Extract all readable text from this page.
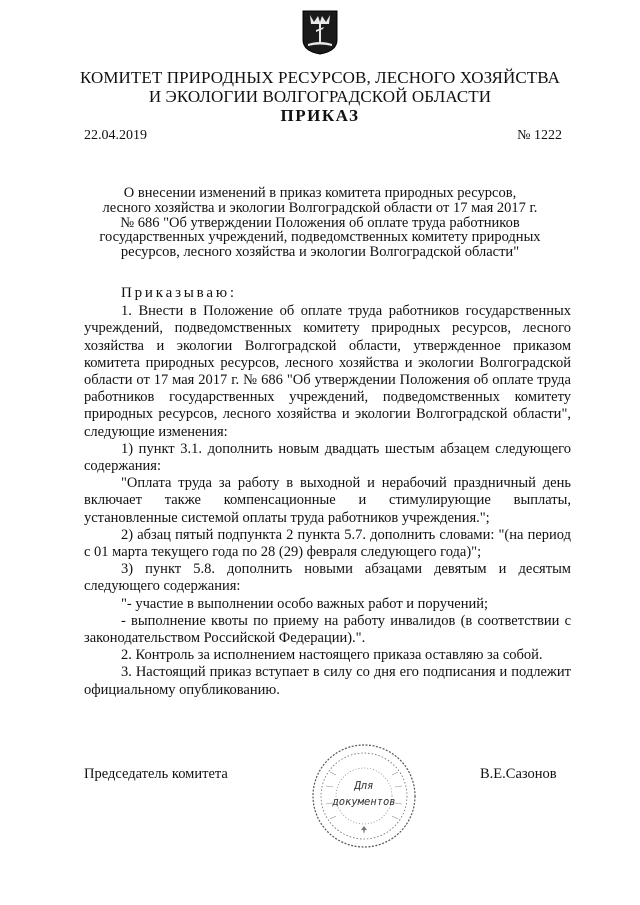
КОМИТЕТ ПРИРОДНЫХ РЕСУРСОВ, ЛЕСНОГО ХОЗЯЙСТВА
И ЭКОЛОГИИ ВОЛГОГРАДСКОЙ ОБЛАСТИ
ПРИКАЗ
22.04.2019	№ 1222
О внесении изменений в приказ комитета природных ресурсов,
лесного хозяйства и экологии Волгоградской области от 17 мая 2017 г.
№ 686 "Об утверждении Положения об оплате труда работников
государственных учреждений, подведомственных комитету природных
ресурсов, лесного хозяйства и экологии Волгоградской области"
Приказываю:

1. Внести в Положение об оплате труда работников государственных учреждений, подведомственных комитету природных ресурсов, лесного хозяйства и экологии Волгоградской области, утвержденное приказом комитета природных ресурсов, лесного хозяйства и экологии Волгоградской области от 17 мая 2017 г. № 686 "Об утверждении Положения об оплате труда работников государственных учреждений, подведомственных комитету природных ресурсов, лесного хозяйства и экологии Волгоградской области", следующие изменения:

1) пункт 3.1. дополнить новым двадцать шестым абзацем следующего содержания:

"Оплата труда за работу в выходной и нерабочий праздничный день включает также компенсационные и стимулирующие выплаты, установленные системой оплаты труда работников учреждения.";

2) абзац пятый подпункта 2 пункта 5.7. дополнить словами: "(на период с 01 марта текущего года по 28 (29) февраля следующего года)";

3) пункт 5.8. дополнить новыми абзацами девятым и десятым следующего содержания:

"- участие в выполнении особо важных работ и поручений;

- выполнение квоты по приему на работу инвалидов (в соответствии с законодательством Российской Федерации).".

2. Контроль за исполнением настоящего приказа оставляю за собой.

3. Настоящий приказ вступает в силу со дня его подписания и подлежит официальному опубликованию.

Председатель комитета
Для
документов
В.Е.Сазонов
